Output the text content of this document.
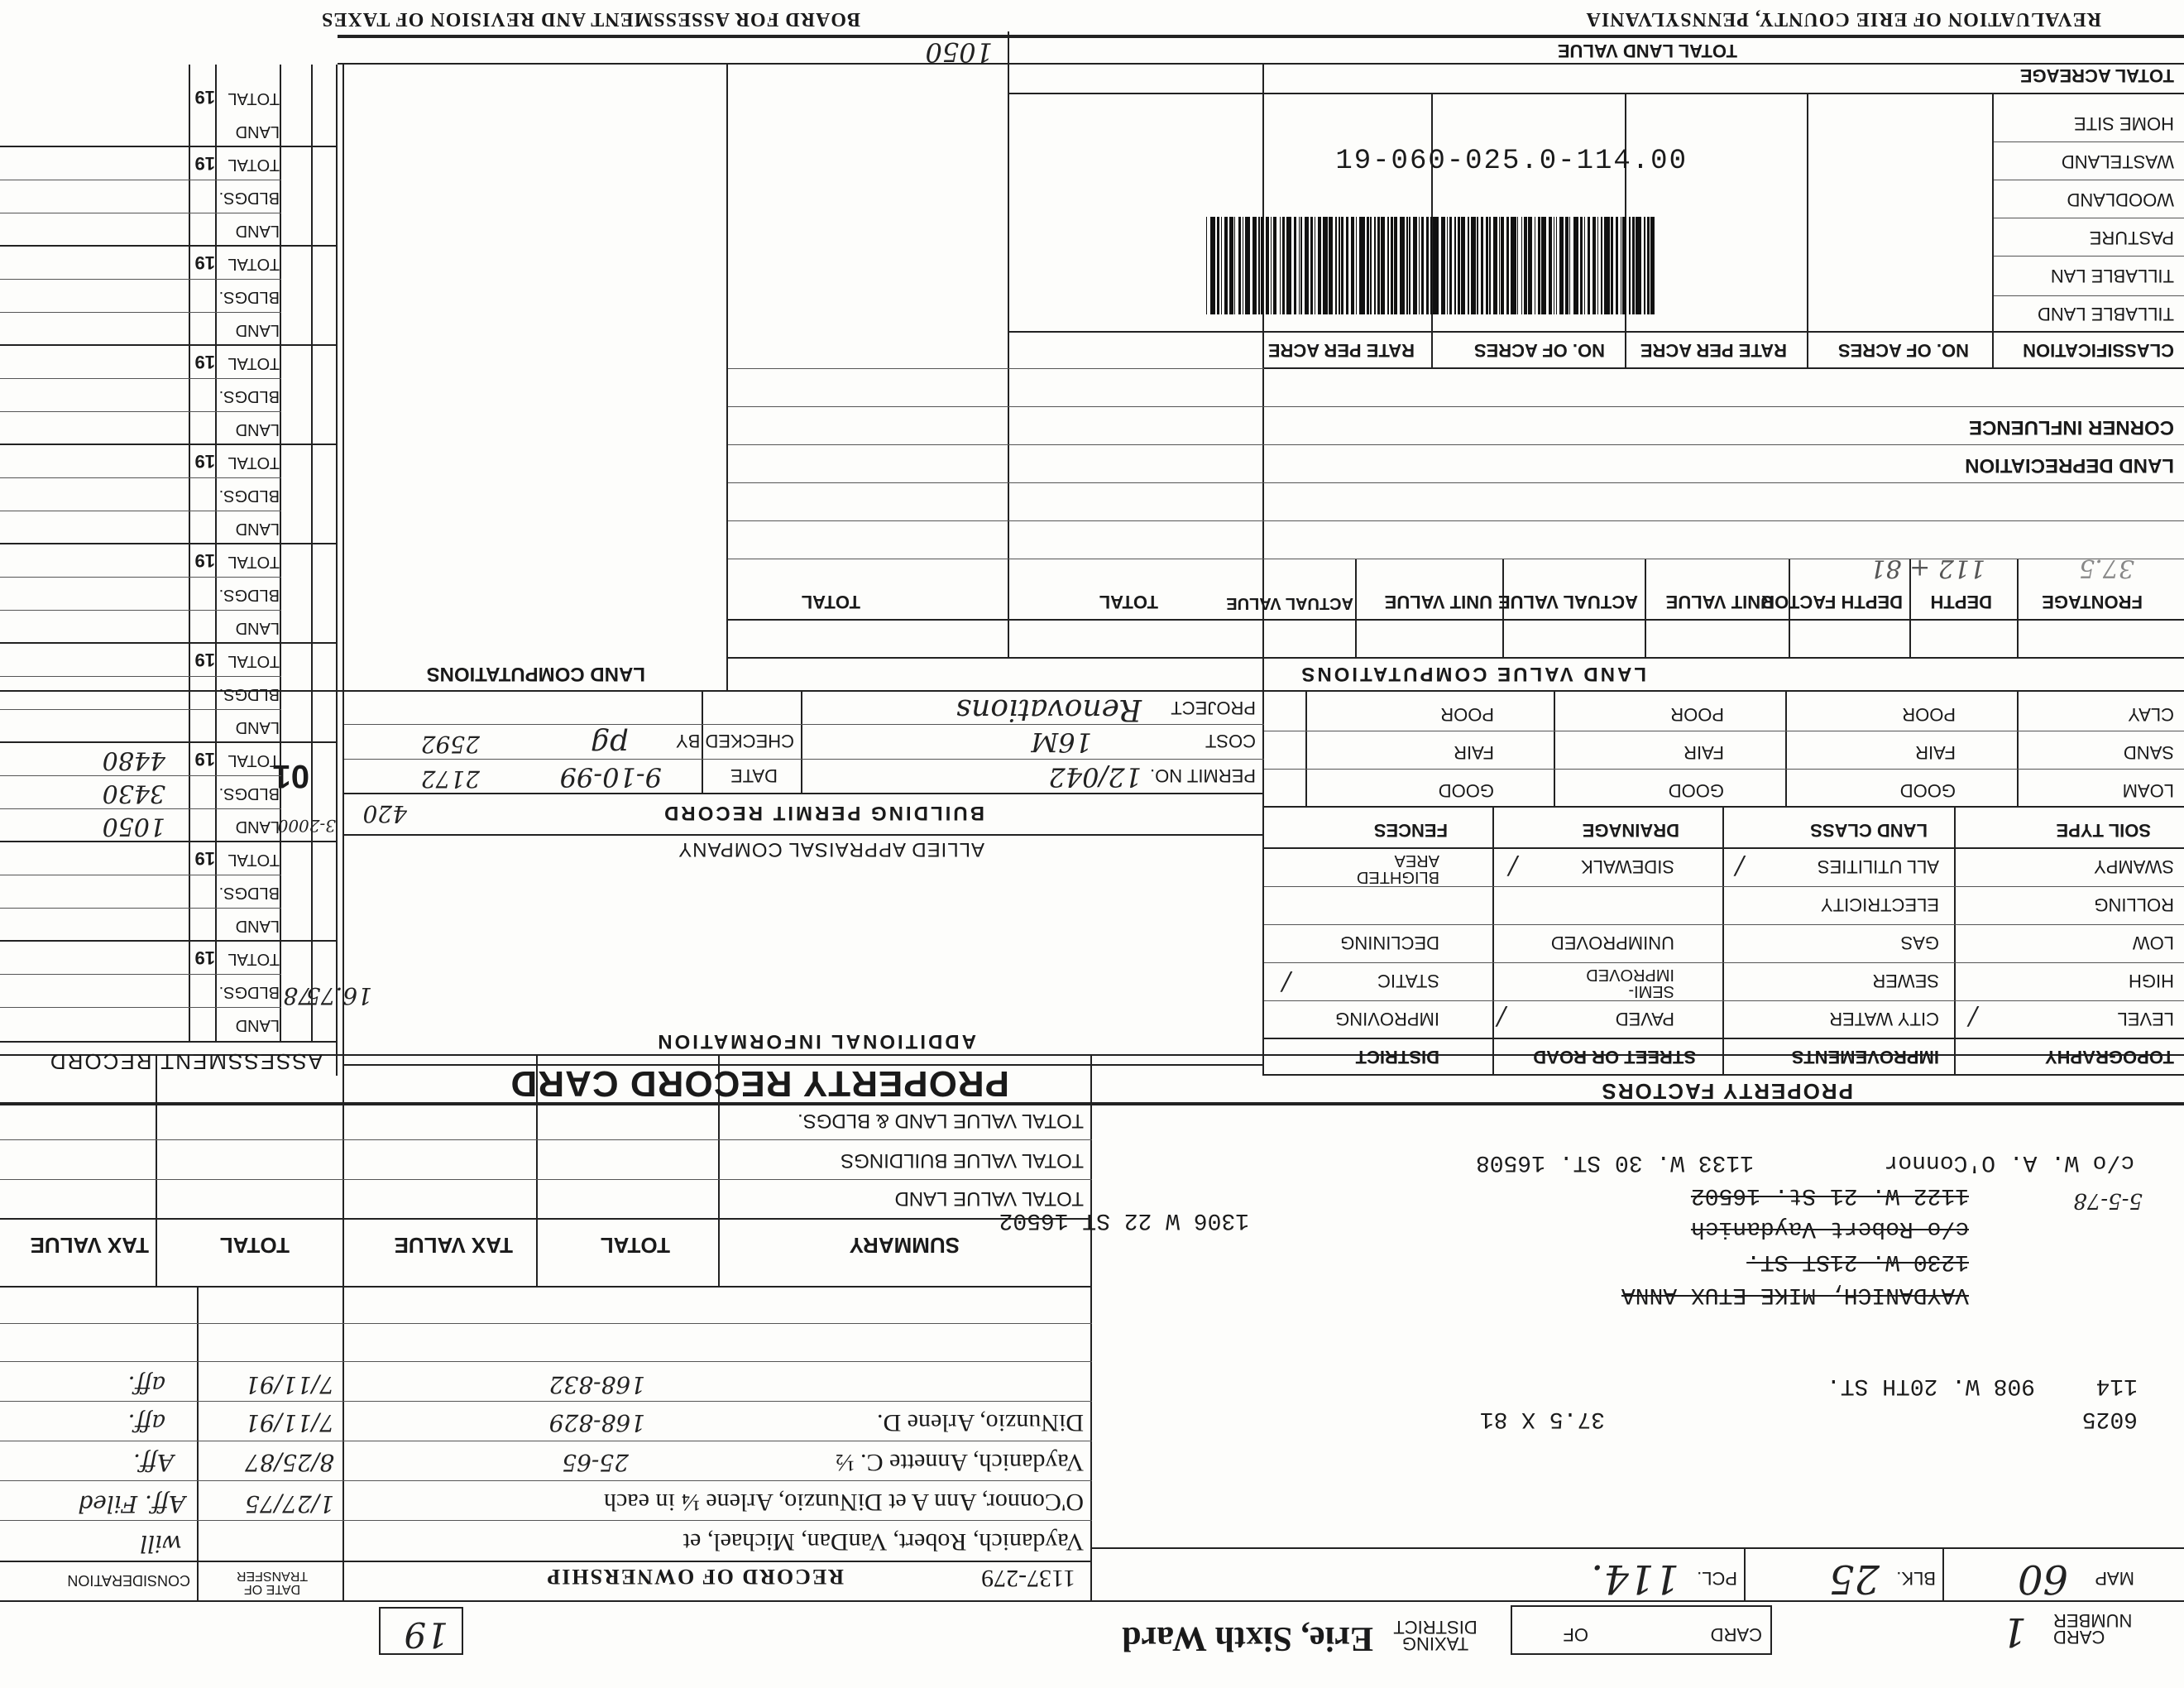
CARD
NUMBER
1
CARD
OF
TAXING
DISTRICT
Erie, Sixth Ward
19
MAP
60
BLK.
25
PCL.
114.
6025
114
908 W. 20TH ST.
37.5 X 81
VAYDANICH, MIKE ETUX ANNA
1230 W. 21ST ST.
c/o Robert Vaydanich
5-5-78
1122 W. 21 St. 16502
1306 W 22 ST 16502
c/o W. A. O'Connor
1133 W. 30 ST. 16508
1137-279
RECORD OF OWNERSHIP
DATE OF
TRANSFER
CONSIDERATION
Vaydanich, Robert, VanDan, Michael, et
will
O'Connor, Ann A et DiNunzio, Arlene ¼ in each
1/27/75
Aff. Filed
Vaydanich, Annette C. ½
25-65
8/25/87
Aff.
DiNunzio, Arlene D.
168-829
7/11/91
aff.
168-832
7/11/91
aff.
SUMMARY
TOTAL
TAX VALUE
TOTAL
TAX VALUE
TOTAL VALUE LAND
TOTAL VALUE BUILDINGS
TOTAL VALUE LAND & BLDGS.
PROPERTY FACTORS
TOPOGRAPHY
IMPROVEMENTS
STREET OR ROAD
DISTRICT
LEVEL
CITY WATER
PAVED
IMPROVING
HIGH
SEWER
SEMI-
IMPROVED
STATIC
LOW
GAS
UNIMPROVED
DECLINING
ROLLING
ELECTRICITY
SWAMPY
ALL UTILITIES
SIDEWALK
BLIGHTED
AREA
/
/
/
/
/
SOIL TYPE
LAND CLASS
DRAINAGE
FENCES
LOAM
GOOD
GOOD
GOOD
SAND
FAIR
FAIR
FAIR
CLAY
POOR
POOR
POOR
PROPERTY RECORD CARD
ADDITIONAL INFORMATION
16.75
ALLIED APPRAISAL COMPANY
BUILDING PERMIT RECORD
420
PERMIT NO.
12/042
DATE
9-10-99
2172
COST
16M
CHECKED BY
pg
2592
PROJECT
Renovations
ASSESSMENT RECORD
78
19
LAND
BLDGS.
TOTAL
19
LAND
BLDGS.
TOTAL
01
3-2000
19
LAND
BLDGS.
TOTAL
1050
3430
4480
19
LAND
BLDGS.
TOTAL
19
LAND
BLDGS.
TOTAL
19
LAND
BLDGS.
TOTAL
19
LAND
BLDGS.
TOTAL
19
LAND
BLDGS.
TOTAL
19
LAND
BLDGS.
TOTAL
19
LAND
TOTAL
LAND VALUE COMPUTATIONS
LAND COMPUTATIONS
FRONTAGE
DEPTH
DEPTH FACTOR
UNIT VALUE
ACTUAL VALUE
UNIT VALUE
ACTUAL VALUE
TOTAL
TOTAL
37.5
112 + 81
LAND DEPRECIATION
CORNER INFLUENCE
CLASSIFICATION
NO. OF ACRES
RATE PER ACRE
NO. OF ACRES
RATE PER ACRE
TILLABLE LAND
TILLABLE LAN
PASTURE
WOODLAND
WASTELAND
HOME SITE
TOTAL ACREAGE
TOTAL LAND VALUE
1050
19-060-025.0-114.00
REVALUATION OF ERIE COUNTY, PENNSYLVANIA
BOARD FOR ASSESSMENT AND REVISION OF TAXES
